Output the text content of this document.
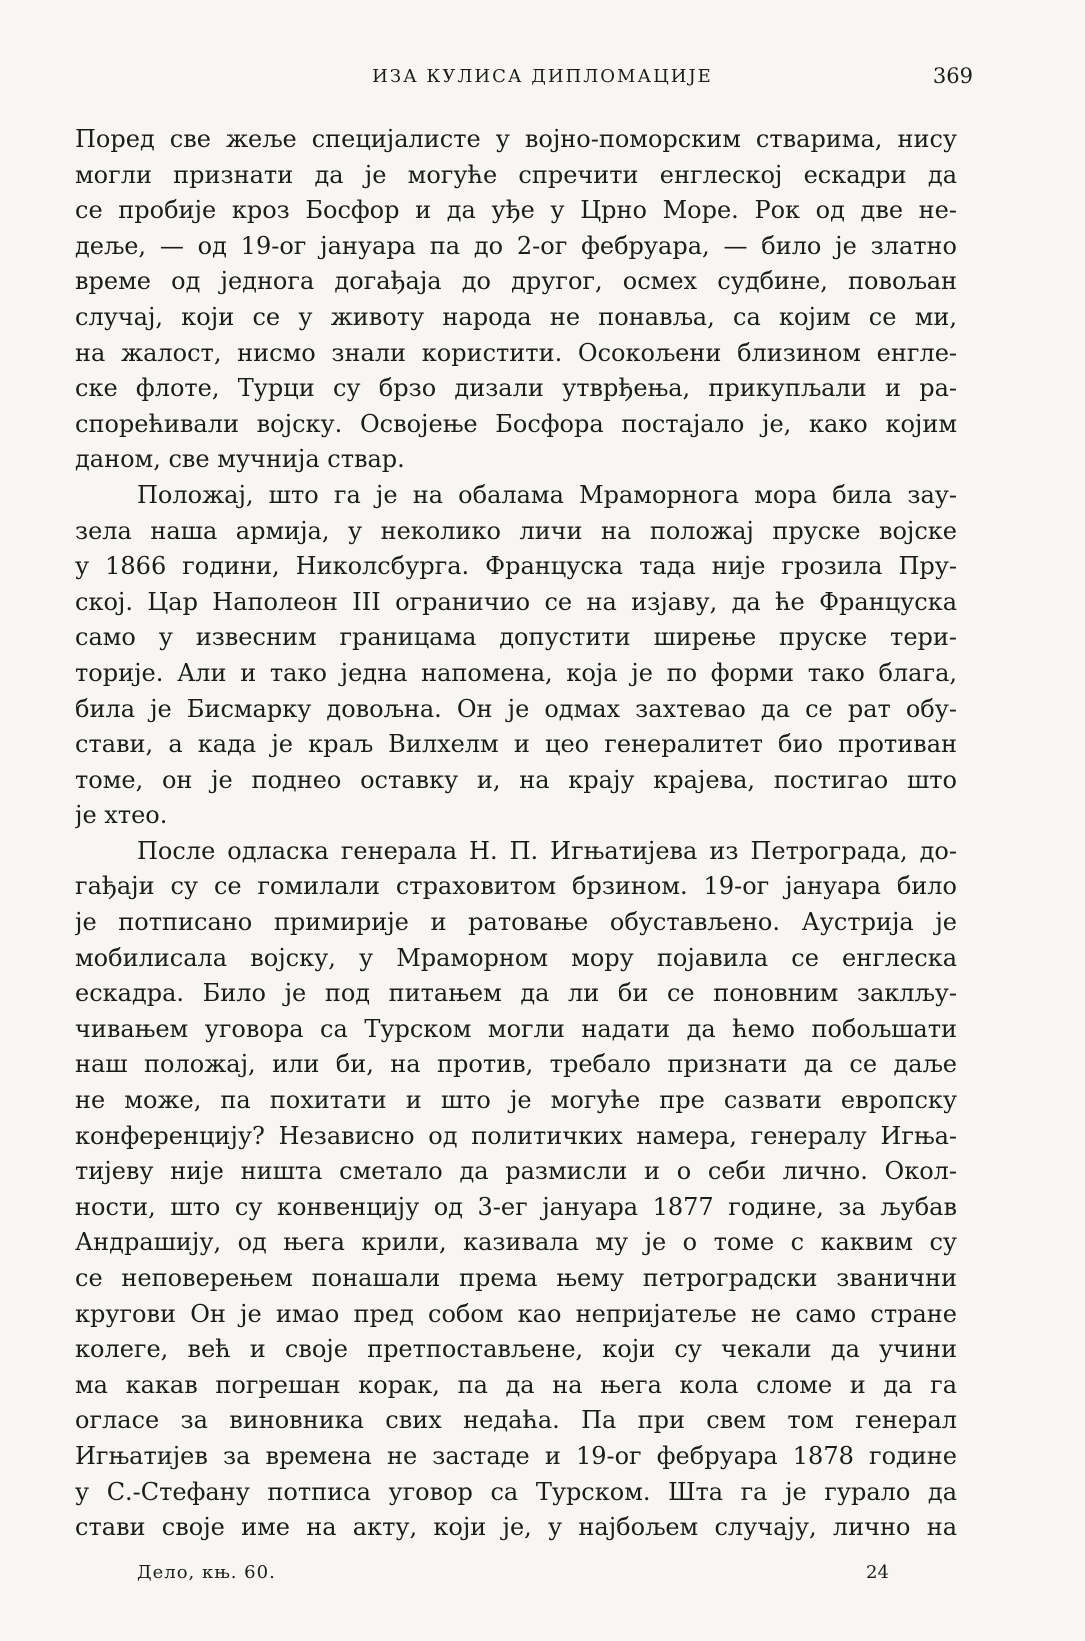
ИЗА КУЛИСА ДИПЛОМАЦИЈЕ	369
Поред све жеље специјалисте у војно-поморским стварима, нису
могли признати да је могуће спречити енглеској ескадри да
се пробије кроз Босфор и да уђе у Црно Море. Рок од две не-
деље, — од 19-ог јануара па до 2-ог фебруара, — било је златно
време од једнога догађаја до другог, осмех судбине, повољан
случај, који се у животу народа не понавља, са којим се ми,
на жалост, нисмо знали користити. Осокољени близином енгле-
ске флоте, Турци су брзо дизали утврђења, прикупљали и ра-
спорећивали војску. Освојење Босфора постајало је, како којим
даном, све мучнија ствар.
Положај, што га је на обалама Мраморнога мора била зау-
зела наша армија, у неколико личи на положај пруске војске
у 1866 години, Николсбурга. Француска тада није грозила Пру-
ској. Цар Наполеон III ограничио се на изјаву, да ће Француска
само у извесним границама допустити ширење пруске тери-
торије. Али и тако једна напомена, која је по форми тако блага,
била је Бисмарку довољна. Он је одмах захтевао да се рат обу-
стави, а када је краљ Вилхелм и цео генералитет био противан
томе, он је поднео оставку и, на крају крајева, постигао што
је хтео.
После одласка генерала Н. П. Игњатијева из Петрограда, до-
гађаји су се гомилали страховитом брзином. 19-ог јануара било
је потписано примирије и ратовање обустављено. Аустрија је
мобилисала војску, у Мраморном мору појавила се енглеска
ескадра. Било је под питањем да ли би се поновним заклљу-
чивањем уговора са Турском могли надати да ћемо побољшати
наш положај, или би, на против, требало признати да се даље
не може, па похитати и што је могуће пре сазвати европску
конференцију? Независно од политичких намера, генералу Игња-
тијеву није ништа сметало да размисли и о себи лично. Окол-
ности, што су конвенцију од 3-ег јануара 1877 године, за љубав
Андрашију, од њега крили, казивала му је о томе с каквим су
се неповерењем понашали према њему петроградски званични
кругови Он је имао пред собом као непријатеље не само стране
колеге, већ и своје претпостављене, који су чекали да учини
ма какав погрешан корак, па да на њега кола сломе и да га
огласе за виновника свих недаћа. Па при свем том генерал
Игњатијев за времена не застаде и 19-ог фебруара 1878 године
у С.-Стефану потписа уговор са Турском. Шта га је гурало да
стави своје име на акту, који је, у најбољем случају, лично на
Дело, књ. 60.	24
